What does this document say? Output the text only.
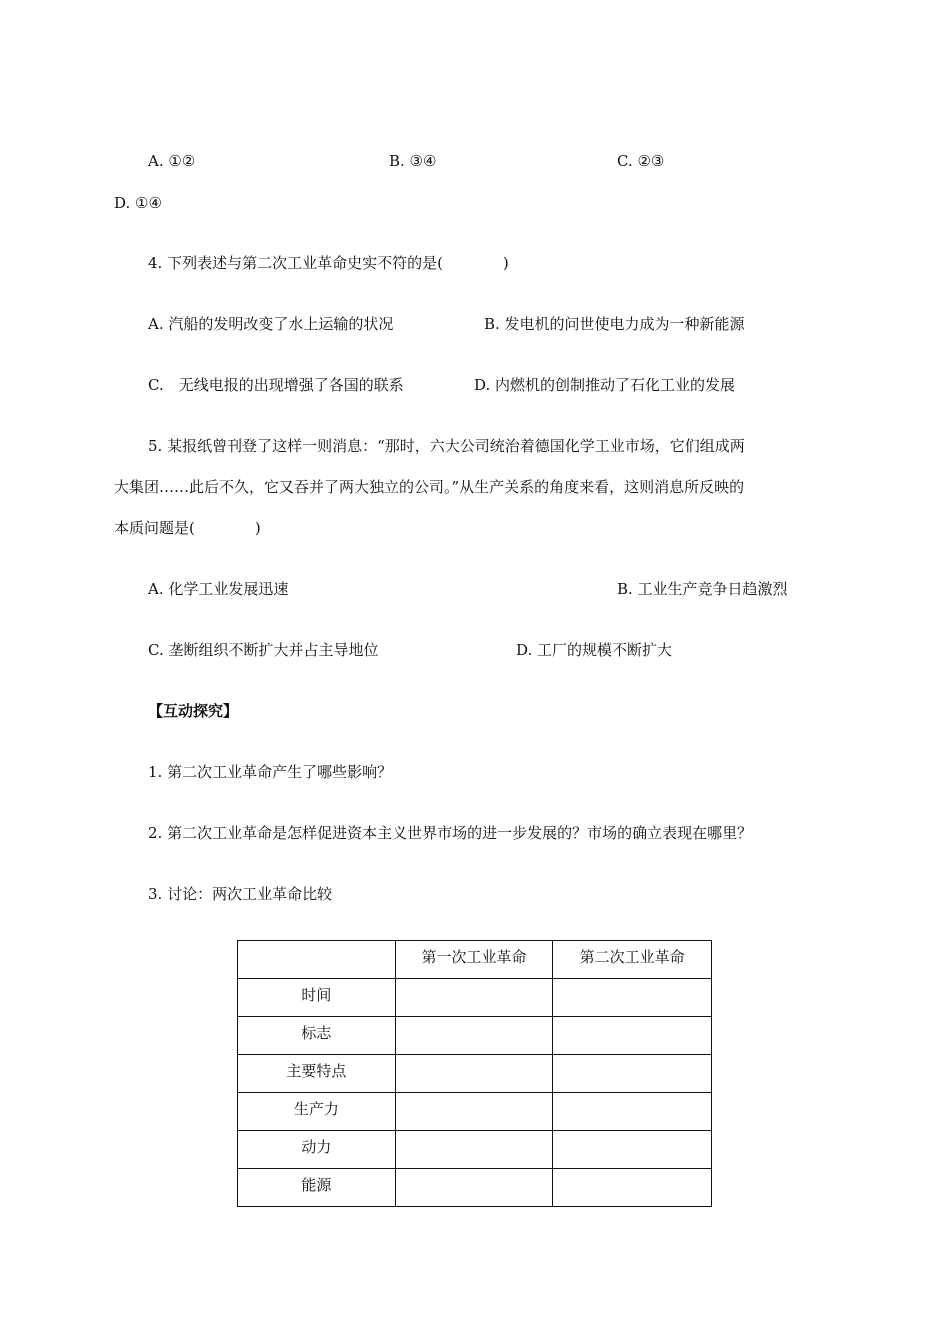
A. ①②	B. ③④	C. ②③
D. ①④
4. 下列表述与第二次工业革命史实不符的是(　　　　)
A. 汽船的发明改变了水上运输的状况	B. 发电机的问世使电力成为一种新能源
C.　无线电报的出现增强了各国的联系	D. 内燃机的创制推动了石化工业的发展
5. 某报纸曾刊登了这样一则消息：“那时，六大公司统治着德国化学工业市场，它们组成两
大集团……此后不久，它又吞并了两大独立的公司。”从生产关系的角度来看，这则消息所反映的
本质问题是(　　　　)
A. 化学工业发展迅速	B. 工业生产竞争日趋激烈
C. 垄断组织不断扩大并占主导地位	D. 工厂的规模不断扩大
【互动探究】
1. 第二次工业革命产生了哪些影响？
2. 第二次工业革命是怎样促进资本主义世界市场的进一步发展的？市场的确立表现在哪里？
3. 讨论：两次工业革命比较
	第一次工业革命	第二次工业革命
时间		
标志		
主要特点		
生产力		
动力		
能源		
